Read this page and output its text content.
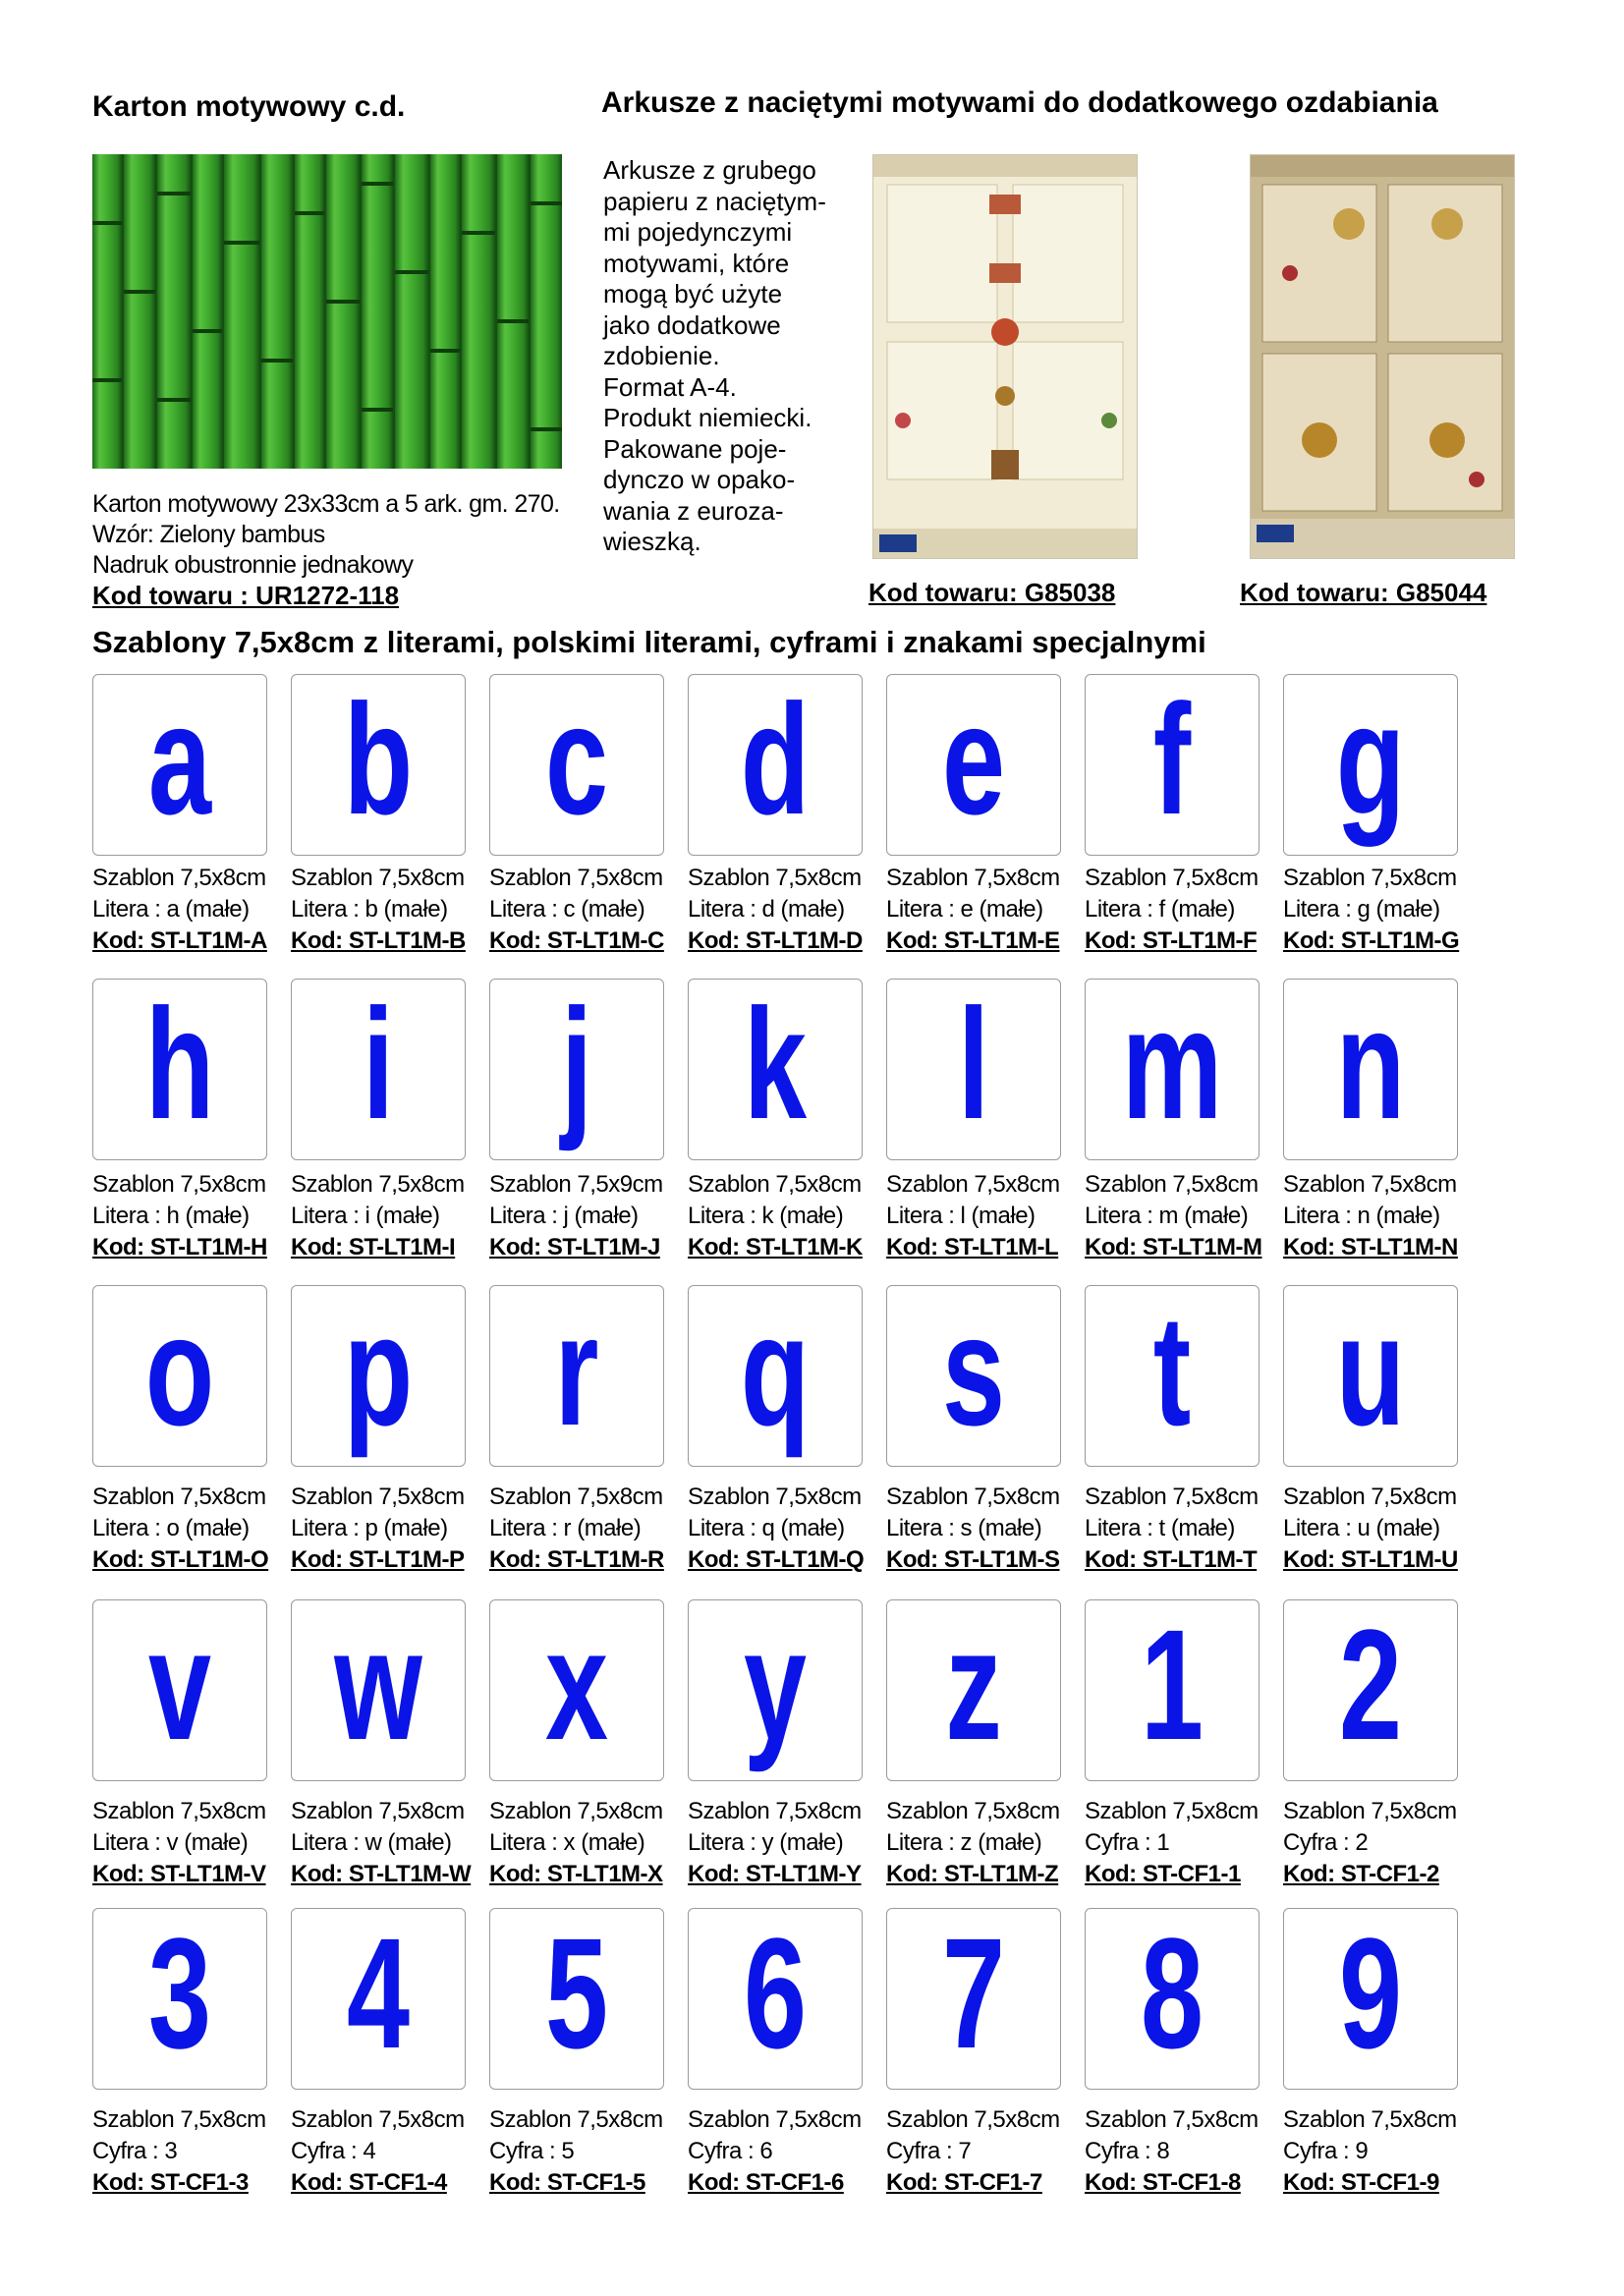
Karton motywowy c.d.	Arkusze z naciętymi motywami do dodatkowego ozdabiania
Karton motywowy 23x33cm a 5 ark. gm. 270.
Wzór: Zielony bambus
Nadruk obustronnie jednakowy
Kod towaru : UR1272-118
Arkusze z grubego
papieru z naciętym-
mi pojedynczymi
motywami, które
mogą być użyte
jako dodatkowe
zdobienie.
Format A-4.
Produkt niemiecki.
Pakowane poje-
dynczo w opako-
wania z euroza-
wieszką.
Kod towaru: G85038	Kod towaru: G85044
Szablony 7,5x8cm z literami, polskimi literami, cyframi i znakami specjalnymi
a
Szablon 7,5x8cm
Litera : a (małe)
Kod: ST-LT1M-A
b
Szablon 7,5x8cm
Litera : b (małe)
Kod: ST-LT1M-B
c
Szablon 7,5x8cm
Litera : c (małe)
Kod: ST-LT1M-C
d
Szablon 7,5x8cm
Litera : d (małe)
Kod: ST-LT1M-D
e
Szablon 7,5x8cm
Litera : e (małe)
Kod: ST-LT1M-E
f
Szablon 7,5x8cm
Litera : f (małe)
Kod: ST-LT1M-F
g
Szablon 7,5x8cm
Litera : g (małe)
Kod: ST-LT1M-G
h
Szablon 7,5x8cm
Litera : h (małe)
Kod: ST-LT1M-H
i
Szablon 7,5x8cm
Litera : i (małe)
Kod: ST-LT1M-I
j
Szablon 7,5x9cm
Litera : j (małe)
Kod: ST-LT1M-J
k
Szablon 7,5x8cm
Litera : k (małe)
Kod: ST-LT1M-K
l
Szablon 7,5x8cm
Litera : l (małe)
Kod: ST-LT1M-L
m
Szablon 7,5x8cm
Litera : m (małe)
Kod: ST-LT1M-M
n
Szablon 7,5x8cm
Litera : n (małe)
Kod: ST-LT1M-N
o
Szablon 7,5x8cm
Litera : o (małe)
Kod: ST-LT1M-O
p
Szablon 7,5x8cm
Litera : p (małe)
Kod: ST-LT1M-P
r
Szablon 7,5x8cm
Litera : r (małe)
Kod: ST-LT1M-R
q
Szablon 7,5x8cm
Litera : q (małe)
Kod: ST-LT1M-Q
s
Szablon 7,5x8cm
Litera : s (małe)
Kod: ST-LT1M-S
t
Szablon 7,5x8cm
Litera : t (małe)
Kod: ST-LT1M-T
u
Szablon 7,5x8cm
Litera : u (małe)
Kod: ST-LT1M-U
v
Szablon 7,5x8cm
Litera : v (małe)
Kod: ST-LT1M-V
w
Szablon 7,5x8cm
Litera : w (małe)
Kod: ST-LT1M-W
x
Szablon 7,5x8cm
Litera : x (małe)
Kod: ST-LT1M-X
y
Szablon 7,5x8cm
Litera : y (małe)
Kod: ST-LT1M-Y
z
Szablon 7,5x8cm
Litera : z (małe)
Kod: ST-LT1M-Z
1
Szablon 7,5x8cm
Cyfra : 1
Kod: ST-CF1-1
2
Szablon 7,5x8cm
Cyfra : 2
Kod: ST-CF1-2
3
Szablon 7,5x8cm
Cyfra : 3
Kod: ST-CF1-3
4
Szablon 7,5x8cm
Cyfra : 4
Kod: ST-CF1-4
5
Szablon 7,5x8cm
Cyfra : 5
Kod: ST-CF1-5
6
Szablon 7,5x8cm
Cyfra : 6
Kod: ST-CF1-6
7
Szablon 7,5x8cm
Cyfra : 7
Kod: ST-CF1-7
8
Szablon 7,5x8cm
Cyfra : 8
Kod: ST-CF1-8
9
Szablon 7,5x8cm
Cyfra : 9
Kod: ST-CF1-9
